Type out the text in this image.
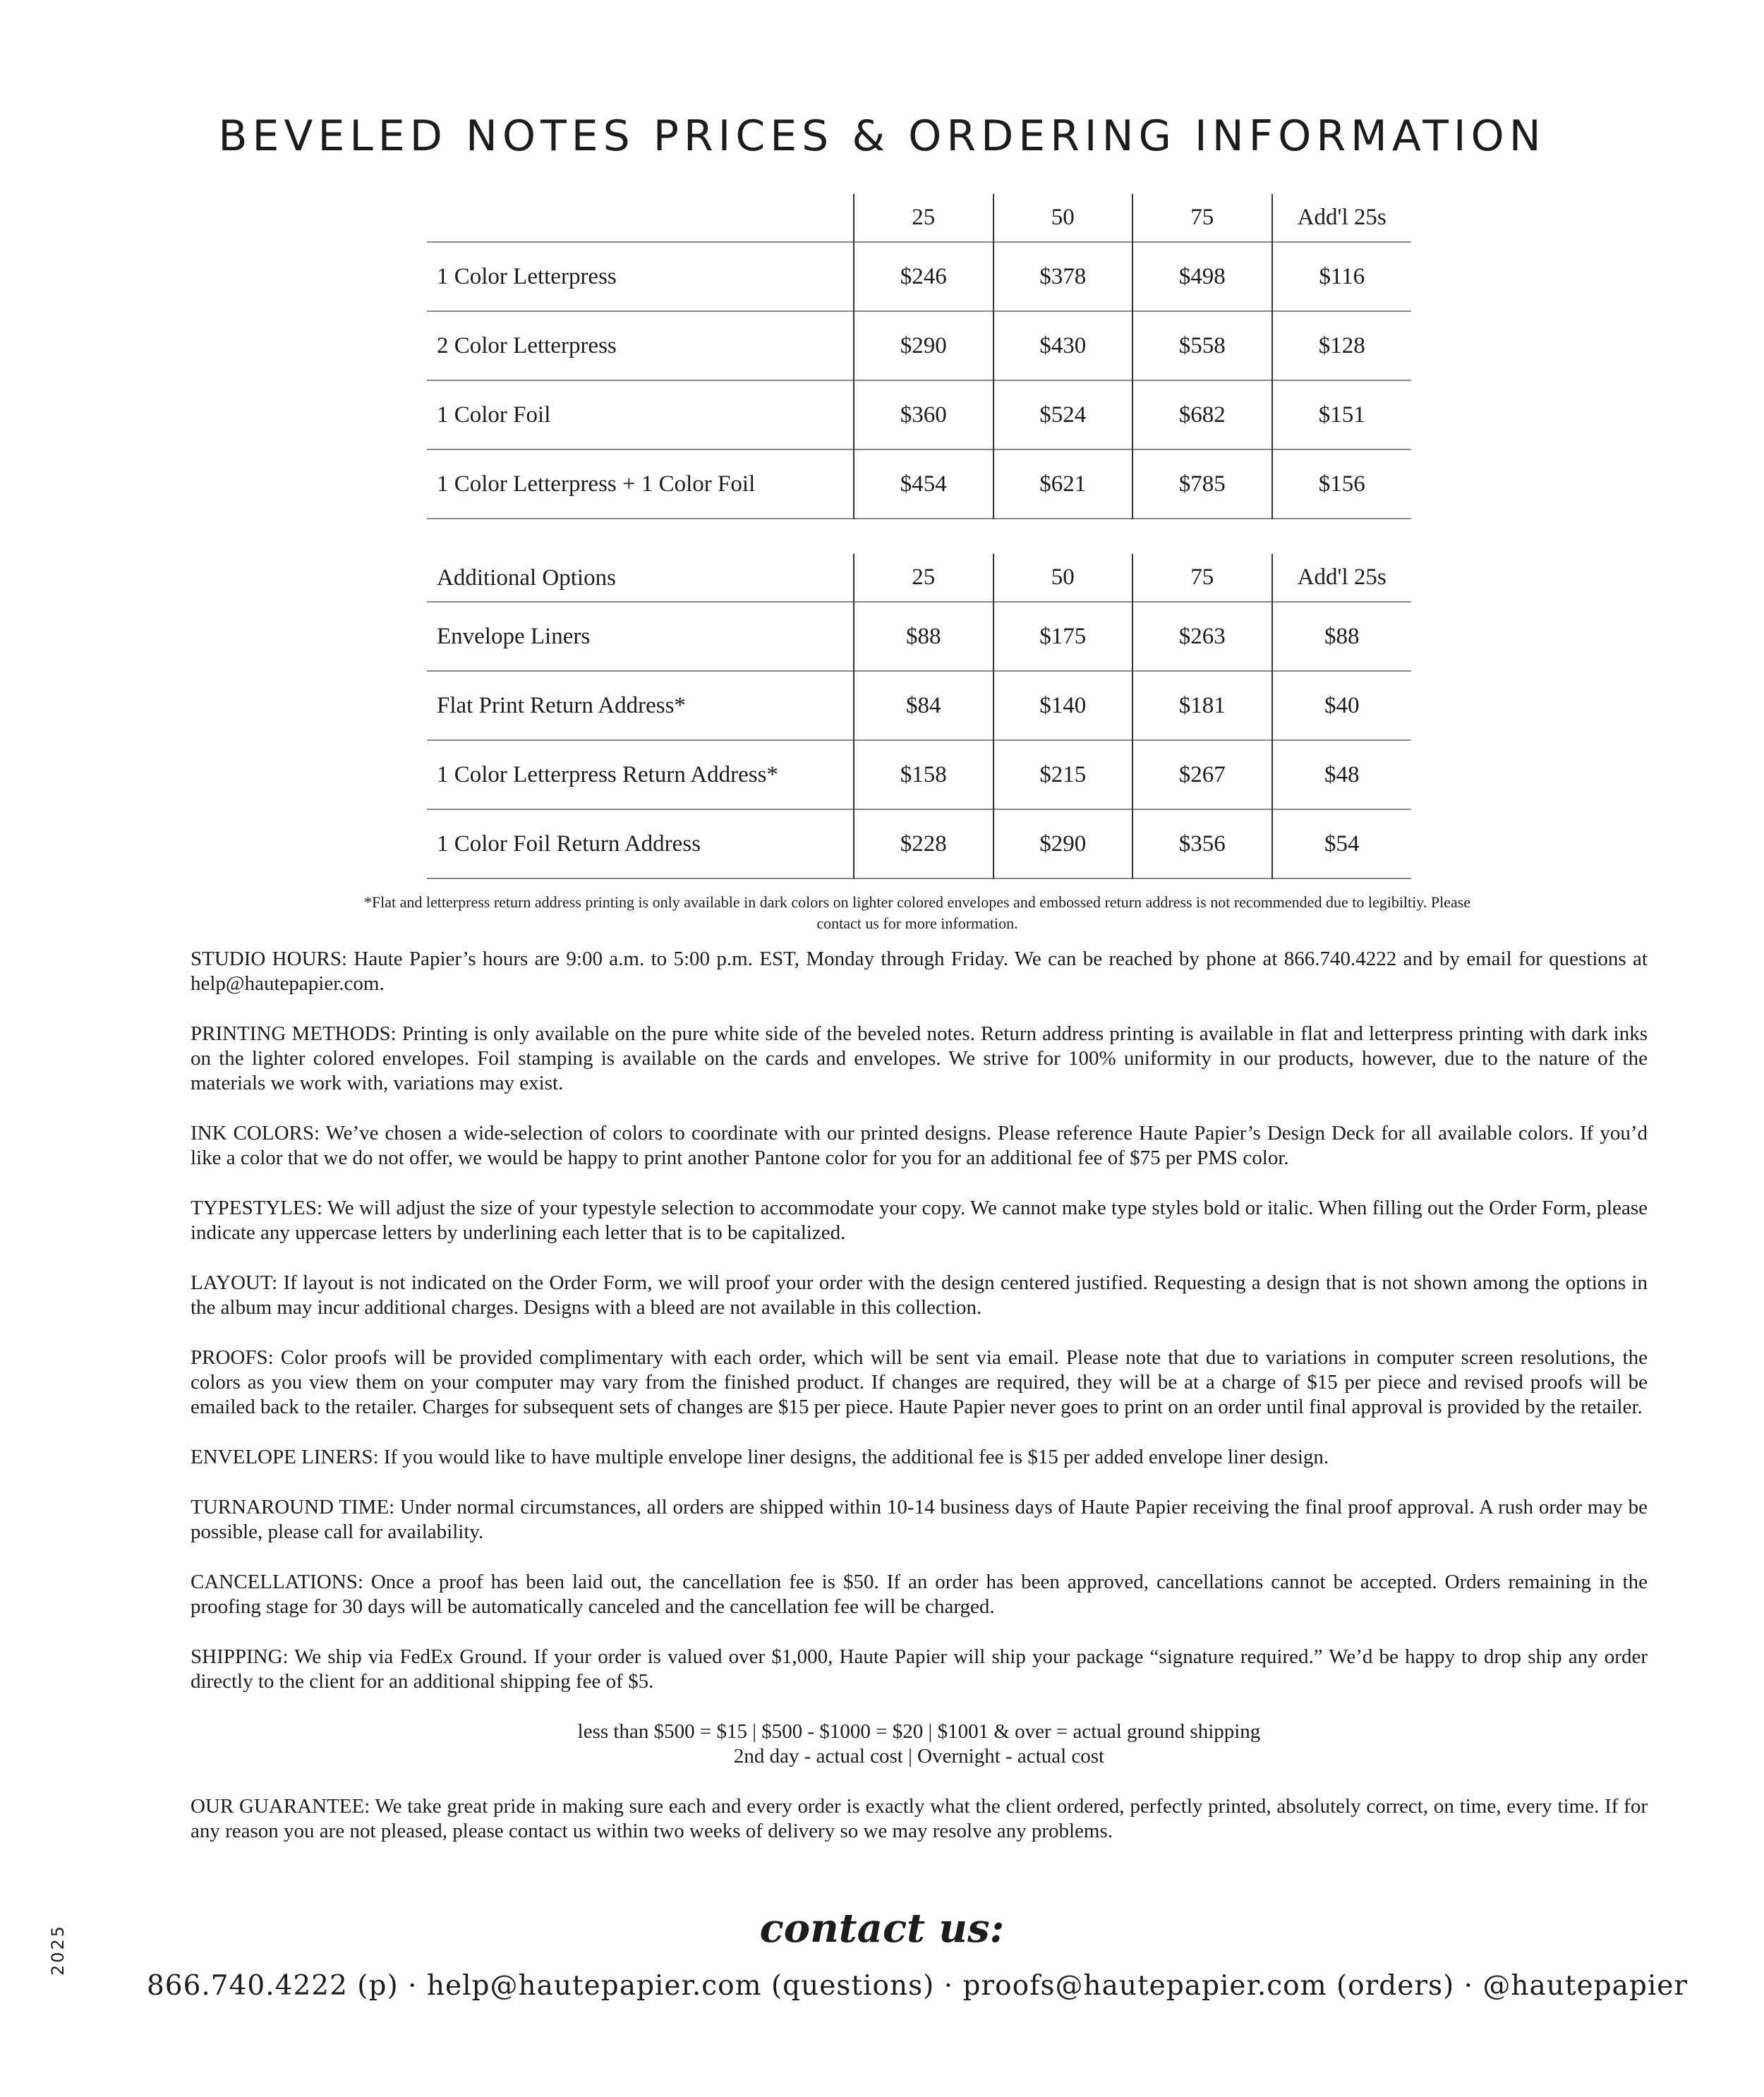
BEVELED NOTES PRICES & ORDERING INFORMATION
	25	50	75	Add'l 25s
1 Color Letterpress	$246	$378	$498	$116
2 Color Letterpress	$290	$430	$558	$128
1 Color Foil	$360	$524	$682	$151
1 Color Letterpress + 1 Color Foil	$454	$621	$785	$156
Additional Options	25	50	75	Add'l 25s
Envelope Liners	$88	$175	$263	$88
Flat Print Return Address*	$84	$140	$181	$40
1 Color Letterpress Return Address*	$158	$215	$267	$48
1 Color Foil Return Address	$228	$290	$356	$54

*Flat and letterpress return address printing is only available in dark colors on lighter colored envelopes and embossed return address is not recommended due to legibiltiy. Please contact us for more information.

STUDIO HOURS: Haute Papier’s hours are 9:00 a.m. to 5:00 p.m. EST, Monday through Friday. We can be reached by phone at 866.740.4222 and by email for questions at help@hautepapier.com.

PRINTING METHODS: Printing is only available on the pure white side of the beveled notes. Return address printing is available in flat and letterpress printing with dark inks on the lighter colored envelopes. Foil stamping is available on the cards and envelopes. We strive for 100% uniformity in our products, however, due to the nature of the materials we work with, variations may exist.

INK COLORS: We’ve chosen a wide-selection of colors to coordinate with our printed designs. Please reference Haute Papier’s Design Deck for all available colors. If you’d like a color that we do not offer, we would be happy to print another Pantone color for you for an additional fee of $75 per PMS color.

TYPESTYLES: We will adjust the size of your typestyle selection to accommodate your copy. We cannot make type styles bold or italic. When filling out the Order Form, please indicate any uppercase letters by underlining each letter that is to be capitalized.

LAYOUT: If layout is not indicated on the Order Form, we will proof your order with the design centered justified. Requesting a design that is not shown among the options in the album may incur additional charges. Designs with a bleed are not available in this collection.

PROOFS: Color proofs will be provided complimentary with each order, which will be sent via email. Please note that due to variations in computer screen resolutions, the colors as you view them on your computer may vary from the finished product. If changes are required, they will be at a charge of $15 per piece and revised proofs will be emailed back to the retailer. Charges for subsequent sets of changes are $15 per piece. Haute Papier never goes to print on an order until final approval is provided by the retailer.

ENVELOPE LINERS: If you would like to have multiple envelope liner designs, the additional fee is $15 per added envelope liner design.

TURNAROUND TIME: Under normal circumstances, all orders are shipped within 10-14 business days of Haute Papier receiving the final proof approval. A rush order may be possible, please call for availability.

CANCELLATIONS: Once a proof has been laid out, the cancellation fee is $50. If an order has been approved, cancellations cannot be accepted. Orders remaining in the proofing stage for 30 days will be automatically canceled and the cancellation fee will be charged.

SHIPPING: We ship via FedEx Ground. If your order is valued over $1,000, Haute Papier will ship your package “signature required.” We’d be happy to drop ship any order directly to the client for an additional shipping fee of $5.

less than $500 = $15 | $500 - $1000 = $20 | $1001 & over = actual ground shipping
2nd day - actual cost | Overnight - actual cost

OUR GUARANTEE: We take great pride in making sure each and every order is exactly what the client ordered, perfectly printed, absolutely correct, on time, every time. If for any reason you are not pleased, please contact us within two weeks of delivery so we may resolve any problems.

contact us:
866.740.4222 (p) · help@hautepapier.com (questions) · proofs@hautepapier.com (orders) · @hautepapier
2025
